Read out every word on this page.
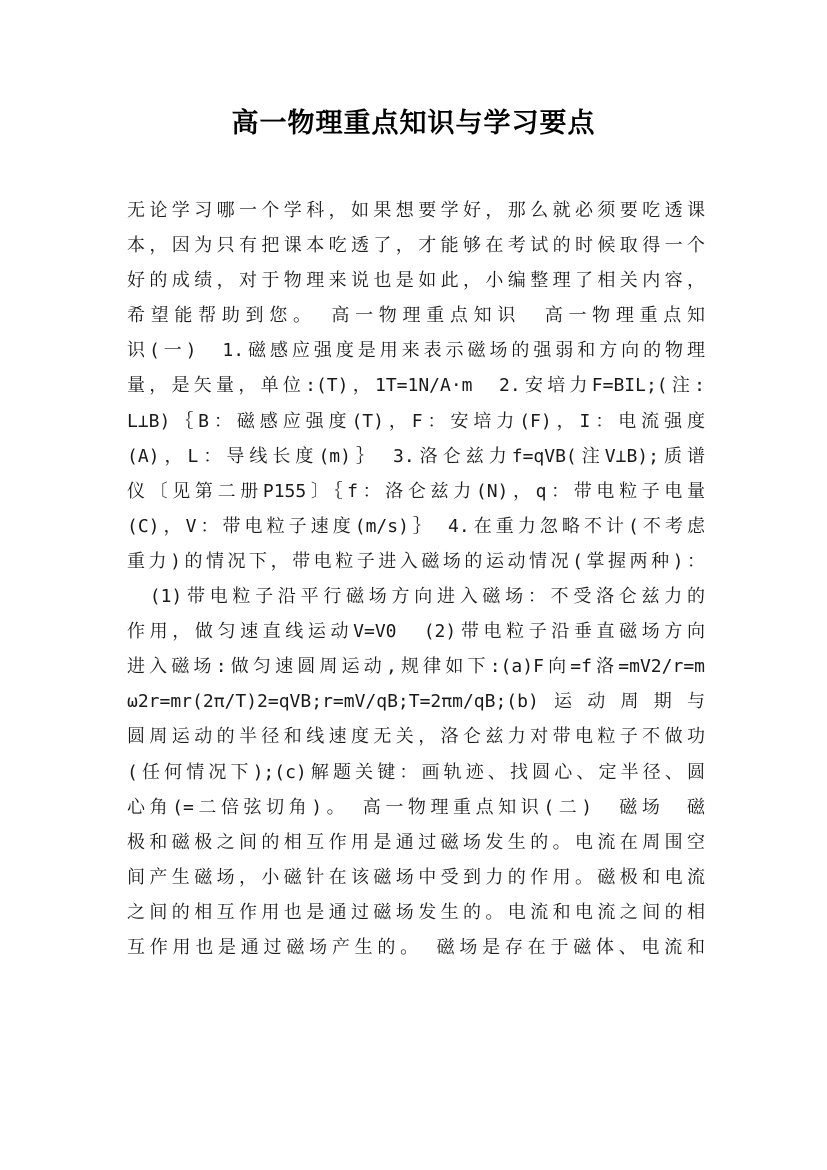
高一物理重点知识与学习要点
无论学习哪一个学科，如果想要学好，那么就必须要吃透课
本，因为只有把课本吃透了，才能够在考试的时候取得一个
好的成绩，对于物理来说也是如此，小编整理了相关内容，
希望能帮助到您。　高一物理重点知识　高一物理重点知
识(一)　1.磁感应强度是用来表示磁场的强弱和方向的物理
量，是矢量，单位:(T)，1T=1N/A·m　2.安培力F=BIL;(注:
L⊥B)｛B：磁感应强度(T)，F：安培力(F)，I：电流强度
(A)，L：导线长度(m)｝　3.洛仑兹力f=qVB(注V⊥B);质谱
仪〔见第二册P155〕｛f：洛仑兹力(N)，q：带电粒子电量
(C)，V：带电粒子速度(m/s)｝　4.在重力忽略不计(不考虑
重力)的情况下，带电粒子进入磁场的运动情况(掌握两种)：
　(1)带电粒子沿平行磁场方向进入磁场：不受洛仑兹力的
作用，做匀速直线运动V=V0　(2)带电粒子沿垂直磁场方向
进入磁场:做匀速圆周运动,规律如下:(a)F向=f洛=mV2/r=m
ω2r=mr(2π/T)2=qVB;r=mV/qB;T=2πm/qB;(b)运动周期与
圆周运动的半径和线速度无关，洛仑兹力对带电粒子不做功
(任何情况下);(c)解题关键：画轨迹、找圆心、定半径、圆
心角(=二倍弦切角)。　高一物理重点知识(二)　磁场　磁
极和磁极之间的相互作用是通过磁场发生的。电流在周围空
间产生磁场，小磁针在该磁场中受到力的作用。磁极和电流
之间的相互作用也是通过磁场发生的。电流和电流之间的相
互作用也是通过磁场产生的。　磁场是存在于磁体、电流和
